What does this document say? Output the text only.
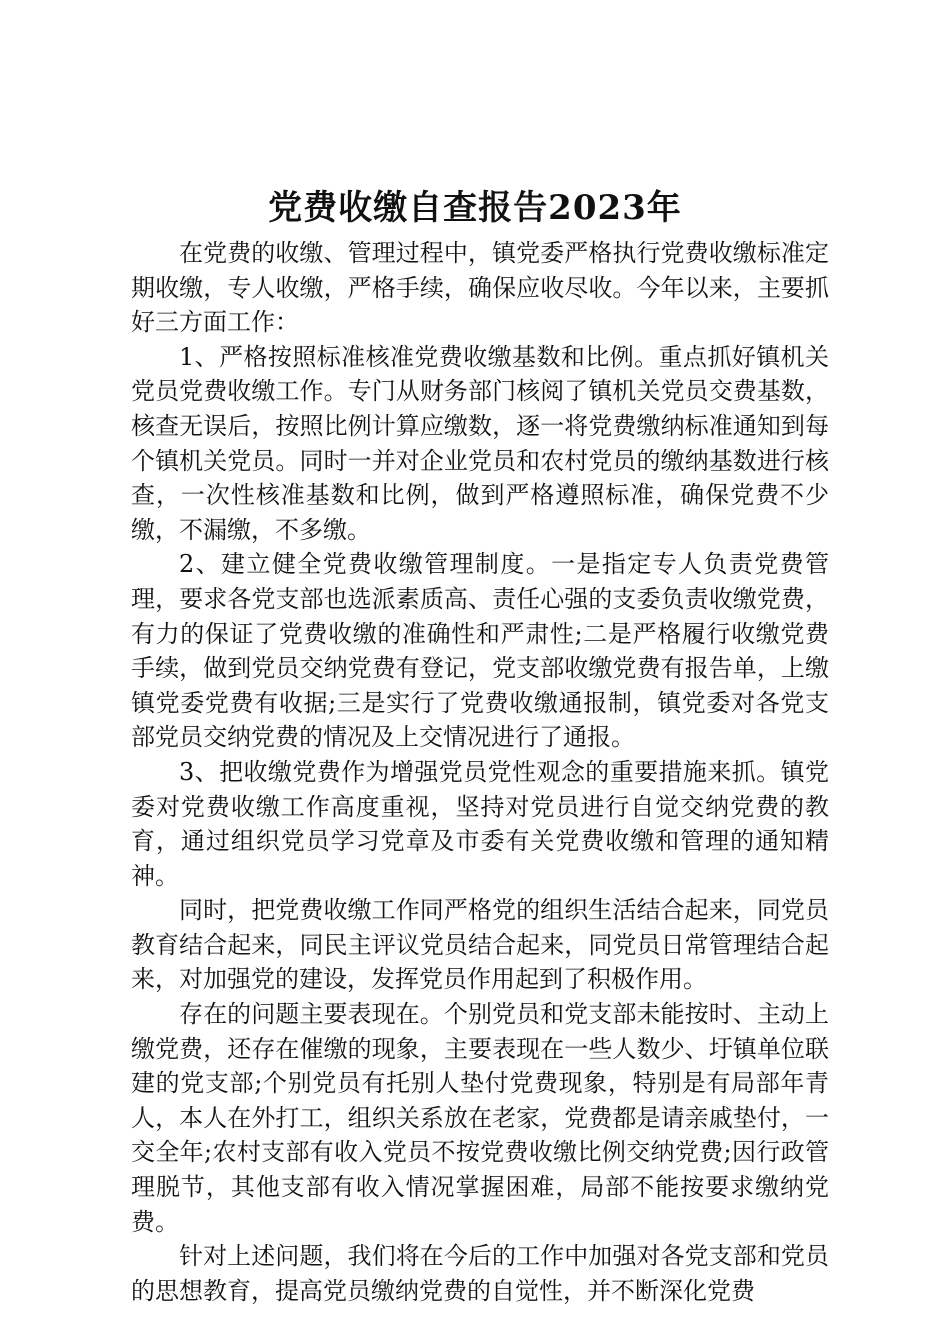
党费收缴自查报告2023年

在党费的收缴、管理过程中，镇党委严格执行党费收缴标准定期收缴，专人收缴，严格手续，确保应收尽收。今年以来，主要抓好三方面工作：

1、严格按照标准核准党费收缴基数和比例。重点抓好镇机关党员党费收缴工作。专门从财务部门核阅了镇机关党员交费基数，核查无误后，按照比例计算应缴数，逐一将党费缴纳标准通知到每个镇机关党员。同时一并对企业党员和农村党员的缴纳基数进行核查，一次性核准基数和比例，做到严格遵照标准，确保党费不少缴，不漏缴，不多缴。

2、建立健全党费收缴管理制度。一是指定专人负责党费管理，要求各党支部也选派素质高、责任心强的支委负责收缴党费，有力的保证了党费收缴的准确性和严肃性;二是严格履行收缴党费手续，做到党员交纳党费有登记，党支部收缴党费有报告单，上缴镇党委党费有收据;三是实行了党费收缴通报制，镇党委对各党支部党员交纳党费的情况及上交情况进行了通报。

3、把收缴党费作为增强党员党性观念的重要措施来抓。镇党委对党费收缴工作高度重视，坚持对党员进行自觉交纳党费的教育，通过组织党员学习党章及市委有关党费收缴和管理的通知精神。

同时，把党费收缴工作同严格党的组织生活结合起来，同党员教育结合起来，同民主评议党员结合起来，同党员日常管理结合起来，对加强党的建设，发挥党员作用起到了积极作用。

存在的问题主要表现在。个别党员和党支部未能按时、主动上缴党费，还存在催缴的现象，主要表现在一些人数少、圩镇单位联建的党支部;个别党员有托别人垫付党费现象，特别是有局部年青人，本人在外打工，组织关系放在老家，党费都是请亲戚垫付，一交全年;农村支部有收入党员不按党费收缴比例交纳党费;因行政管理脱节，其他支部有收入情况掌握困难，局部不能按要求缴纳党费。

针对上述问题，我们将在今后的工作中加强对各党支部和党员的思想教育，提高党员缴纳党费的自觉性，并不断深化党费
